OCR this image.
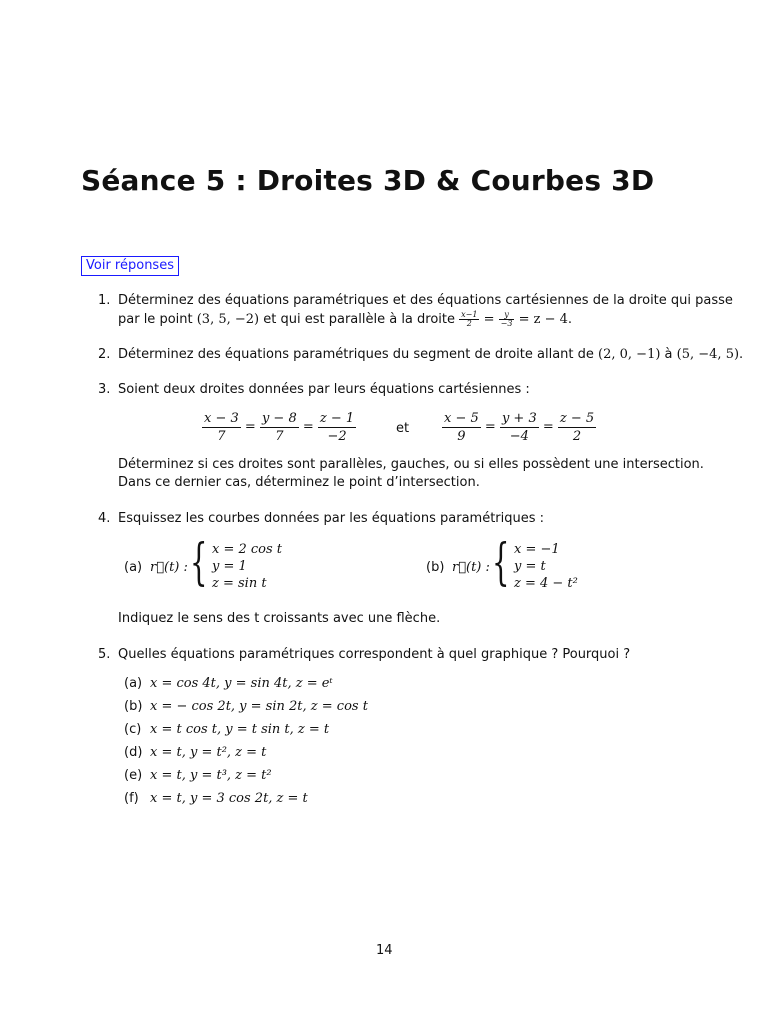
Séance 5 : Droites 3D & Courbes 3D
Voir réponses
1. Déterminez des équations paramétriques et des équations cartésiennes de la droite qui passe
par le point (3, 5, −2) et qui est parallèle à la droite $\frac{x-1}{2} = \frac{y}{-3} = z - 4$.
2. Déterminez des équations paramétriques du segment de droite allant de (2, 0, −1) à (5, −4, 5).
3. Soient deux droites données par leurs équations cartésiennes :
$\frac{x - 3}{7} = \frac{y - 8}{7} = \frac{z - 1}{-2}$	et	$\frac{x - 5}{9} = \frac{y + 3}{-4} = \frac{z - 5}{2}$
Déterminez si ces droites sont parallèles, gauches, ou si elles possèdent une intersection.
Dans ce dernier cas, déterminez le point d’intersection.
4. Esquissez les courbes données par les équations paramétriques :
(a) r⃗(t) : { x = 2 cos t
y = 1
z = sin t
(b) r⃗(t) : { x = −1
y = t
z = 4 − t²
Indiquez le sens des t croissants avec une flèche.
5. Quelles équations paramétriques correspondent à quel graphique ? Pourquoi ?
(a) x = cos 4t, y = sin 4t, z = eᵗ
(b) x = − cos 2t, y = sin 2t, z = cos t
(c) x = t cos t, y = t sin t, z = t
(d) x = t, y = t², z = t
(e) x = t, y = t³, z = t²
(f) x = t, y = 3 cos 2t, z = t
14
